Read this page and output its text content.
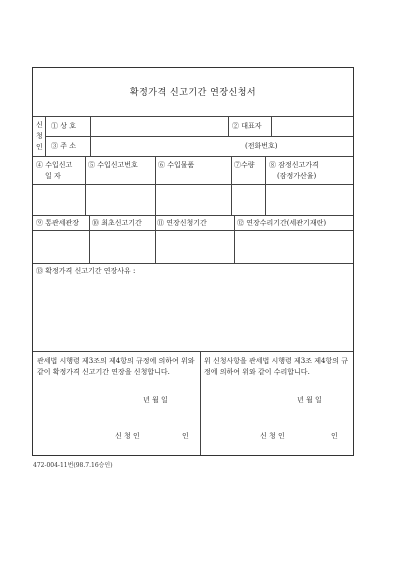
확정가격 신고기간 연장신청서
신
청
인
① 상 호	② 대표자
③ 주 소	(전화번호)
④ 수입신고
일 자
⑤ 수입신고번호	⑥ 수입물품	⑦수량 ⑧ 잠정신고가격
(잠정가산율)
⑨ 통관세관장 ⑩ 최초신고기간 ⑪ 연장신청기간	⑫ 연장수리기간(세관기재란)
⑬ 확정가격 신고기간 연장사유 :
관세법 시행령 제3조의 제4항의 규정에 의하여 위와 같이 확정가격 신고기간 연장을 신청합니다.
년 월 일
신 청 인	인
위 신청사항을 관세법 시행령 제3조 제4항의 규정에 의하여 위와 같이 수리합니다.
년 월 일
신 청 인	인
472-004-11번(98.7.16승인)
